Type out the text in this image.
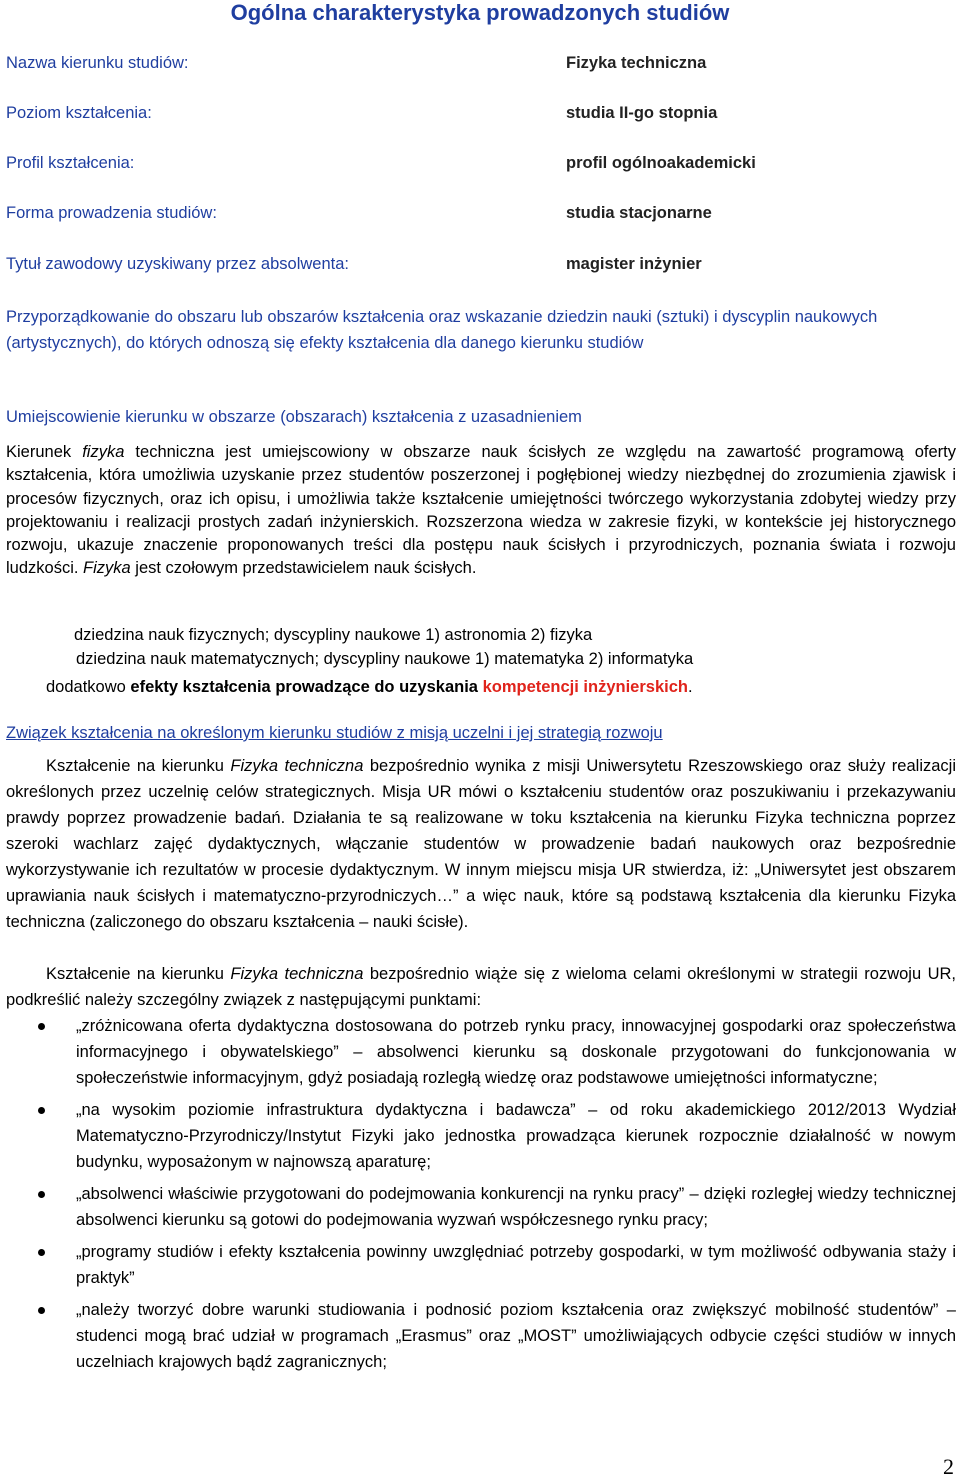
Ogólna charakterystyka prowadzonych studiów
Nazwa kierunku studiów:	Fizyka techniczna
Poziom kształcenia:	studia II-go stopnia
Profil kształcenia:	profil ogólnoakademicki
Forma prowadzenia studiów:	studia stacjonarne
Tytuł zawodowy uzyskiwany przez absolwenta:	magister inżynier
Przyporządkowanie do obszaru lub obszarów kształcenia oraz wskazanie dziedzin nauki (sztuki) i dyscyplin naukowych (artystycznych), do których odnoszą się efekty kształcenia dla danego kierunku studiów
Umiejscowienie kierunku w obszarze (obszarach) kształcenia z uzasadnieniem
Kierunek fizyka techniczna jest umiejscowiony w obszarze nauk ścisłych ze względu na zawartość programową oferty kształcenia, która umożliwia uzyskanie przez studentów poszerzonej i pogłębionej wiedzy niezbędnej do zrozumienia zjawisk i procesów fizycznych, oraz ich opisu, i umożliwia także kształcenie umiejętności twórczego wykorzystania zdobytej wiedzy przy projektowaniu i realizacji prostych zadań inżynierskich. Rozszerzona wiedza w zakresie fizyki, w kontekście jej historycznego rozwoju, ukazuje znaczenie proponowanych treści dla postępu nauk ścisłych i przyrodniczych, poznania świata i rozwoju ludzkości. Fizyka jest czołowym przedstawicielem nauk ścisłych.
dziedzina nauk fizycznych; dyscypliny naukowe 1) astronomia 2) fizyka
dziedzina nauk matematycznych; dyscypliny naukowe 1) matematyka 2) informatyka
dodatkowo efekty kształcenia prowadzące do uzyskania kompetencji inżynierskich.
Związek kształcenia na określonym kierunku studiów z misją uczelni i jej strategią rozwoju
Kształcenie na kierunku Fizyka techniczna bezpośrednio wynika z misji Uniwersytetu Rzeszowskiego oraz służy realizacji określonych przez uczelnię celów strategicznych. Misja UR mówi o kształceniu studentów oraz poszukiwaniu i przekazywaniu prawdy poprzez prowadzenie badań. Działania te są realizowane w toku kształcenia na kierunku Fizyka techniczna poprzez szeroki wachlarz zajęć dydaktycznych, włączanie studentów w prowadzenie badań naukowych oraz bezpośrednie wykorzystywanie ich rezultatów w procesie dydaktycznym. W innym miejscu misja UR stwierdza, iż: „Uniwersytet jest obszarem uprawiania nauk ścisłych i matematyczno-przyrodniczych…” a więc nauk, które są podstawą kształcenia dla kierunku Fizyka techniczna (zaliczonego do obszaru kształcenia – nauki ścisłe).
Kształcenie na kierunku Fizyka techniczna bezpośrednio wiąże się z wieloma celami określonymi w strategii rozwoju UR, podkreślić należy szczególny związek z następującymi punktami:
„zróżnicowana oferta dydaktyczna dostosowana do potrzeb rynku pracy, innowacyjnej gospodarki oraz społeczeństwa informacyjnego i obywatelskiego” – absolwenci kierunku są doskonale przygotowani do funkcjonowania w społeczeństwie informacyjnym, gdyż posiadają rozległą wiedzę oraz podstawowe umiejętności informatyczne;
„na wysokim poziomie infrastruktura dydaktyczna i badawcza” – od roku akademickiego 2012/2013 Wydział Matematyczno-Przyrodniczy/Instytut Fizyki jako jednostka prowadząca kierunek rozpocznie działalność w nowym budynku, wyposażonym w najnowszą aparaturę;
„absolwenci właściwie przygotowani do podejmowania konkurencji na rynku pracy” – dzięki rozległej wiedzy technicznej absolwenci kierunku są gotowi do podejmowania wyzwań współczesnego rynku pracy;
„programy studiów i efekty kształcenia powinny uwzględniać potrzeby gospodarki, w tym możliwość odbywania staży i praktyk”
„należy tworzyć dobre warunki studiowania i podnosić poziom kształcenia oraz zwiększyć mobilność studentów” – studenci mogą brać udział w programach „Erasmus” oraz „MOST” umożliwiających odbycie części studiów w innych uczelniach krajowych bądź zagranicznych;
2
